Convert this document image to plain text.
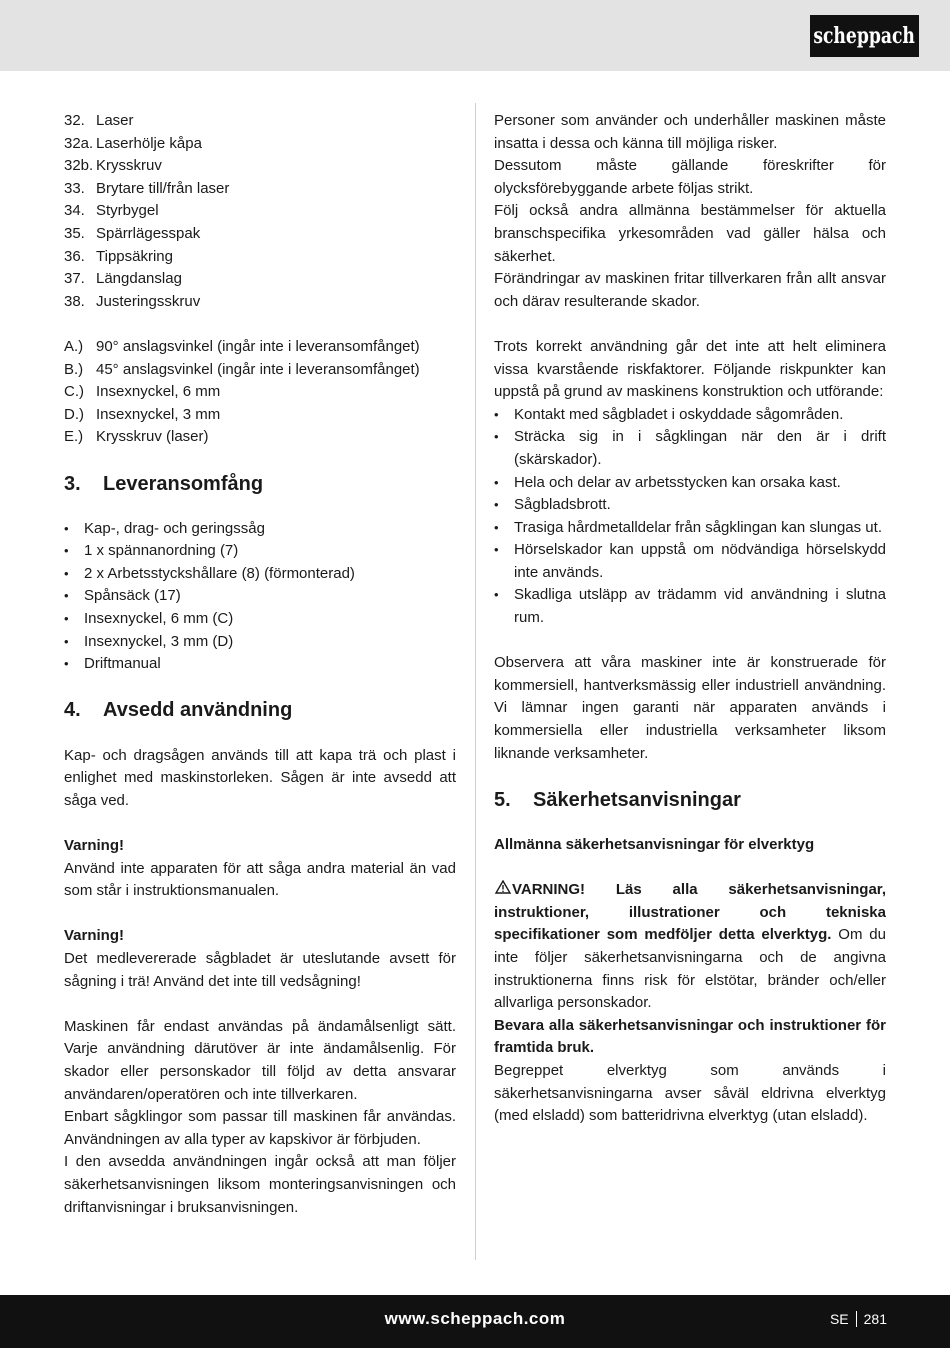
scheppach
32. Laser
32a. Laserhölje kåpa
32b. Krysskruv
33. Brytare till/från laser
34. Styrbygel
35. Spärrlägesspak
36. Tippsäkring
37. Längdanslag
38. Justeringsskruv
A.) 90° anslagsvinkel (ingår inte i leveransomfånget)
B.) 45° anslagsvinkel (ingår inte i leveransomfånget)
C.) Insexnyckel, 6 mm
D.) Insexnyckel, 3 mm
E.) Krysskruv (laser)
3.	Leveransomfång
• Kap-, drag- och geringssåg
• 1 x spännanordning (7)
• 2 x Arbetsstyckshållare (8) (förmonterad)
• Spånsäck (17)
• Insexnyckel, 6 mm (C)
• Insexnyckel, 3 mm (D)
• Driftmanual
4.	Avsedd användning

Kap- och dragsågen används till att kapa trä och plast i enlighet med maskinstorleken. Sågen är inte avsedd att såga ved.

Varning!

Använd inte apparaten för att såga andra material än vad som står i instruktionsmanualen.

Varning!

Det medlevererade sågbladet är uteslutande avsett för sågning i trä! Använd det inte till vedsågning!

Maskinen får endast användas på ändamålsenligt sätt. Varje användning därutöver är inte ändamålsenlig. För skador eller personskador till följd av detta ansvarar användaren/operatören och inte tillverkaren.

Enbart sågklingor som passar till maskinen får användas. Användningen av alla typer av kapskivor är förbjuden.

I den avsedda användningen ingår också att man följer säkerhetsanvisningen liksom monteringsanvisningen och driftanvisningar i bruksanvisningen.

Personer som använder och underhåller maskinen måste insatta i dessa och känna till möjliga risker.

Dessutom måste gällande föreskrifter för olycksförebyggande arbete följas strikt.

Följ också andra allmänna bestämmelser för aktuella branschspecifika yrkesområden vad gäller hälsa och säkerhet.

Förändringar av maskinen fritar tillverkaren från allt ansvar och därav resulterande skador.

Trots korrekt användning går det inte att helt eliminera vissa kvarstående riskfaktorer. Följande riskpunkter kan uppstå på grund av maskinens konstruktion och utförande:

• Kontakt med sågbladet i oskyddade sågområden.
• Sträcka sig in i sågklingan när den är i drift (skärskador).
• Hela och delar av arbetsstycken kan orsaka kast.
• Sågbladsbrott.
• Trasiga hårdmetalldelar från sågklingan kan slungas ut.
• Hörselskador kan uppstå om nödvändiga hörselskydd inte används.
• Skadliga utsläpp av trädamm vid användning i slutna rum.

Observera att våra maskiner inte är konstruerade för kommersiell, hantverksmässig eller industriell användning. Vi lämnar ingen garanti när apparaten används i kommersiella eller industriella verksamheter liksom liknande verksamheter.

5.	Säkerhetsanvisningar

Allmänna säkerhetsanvisningar för elverktyg

VARNING! Läs alla säkerhetsanvisningar, instruktioner, illustrationer och tekniska specifikationer som medföljer detta elverktyg. Om du inte följer säkerhetsanvisningarna och de angivna instruktionerna finns risk för elstötar, bränder och/eller allvarliga personskador.

Bevara alla säkerhetsanvisningar och instruktioner för framtida bruk.

Begreppet elverktyg som används i säkerhetsanvisningarna avser såväl eldrivna elverktyg (med elsladd) som batteridrivna elverktyg (utan elsladd).

www.scheppach.com	SE 281
